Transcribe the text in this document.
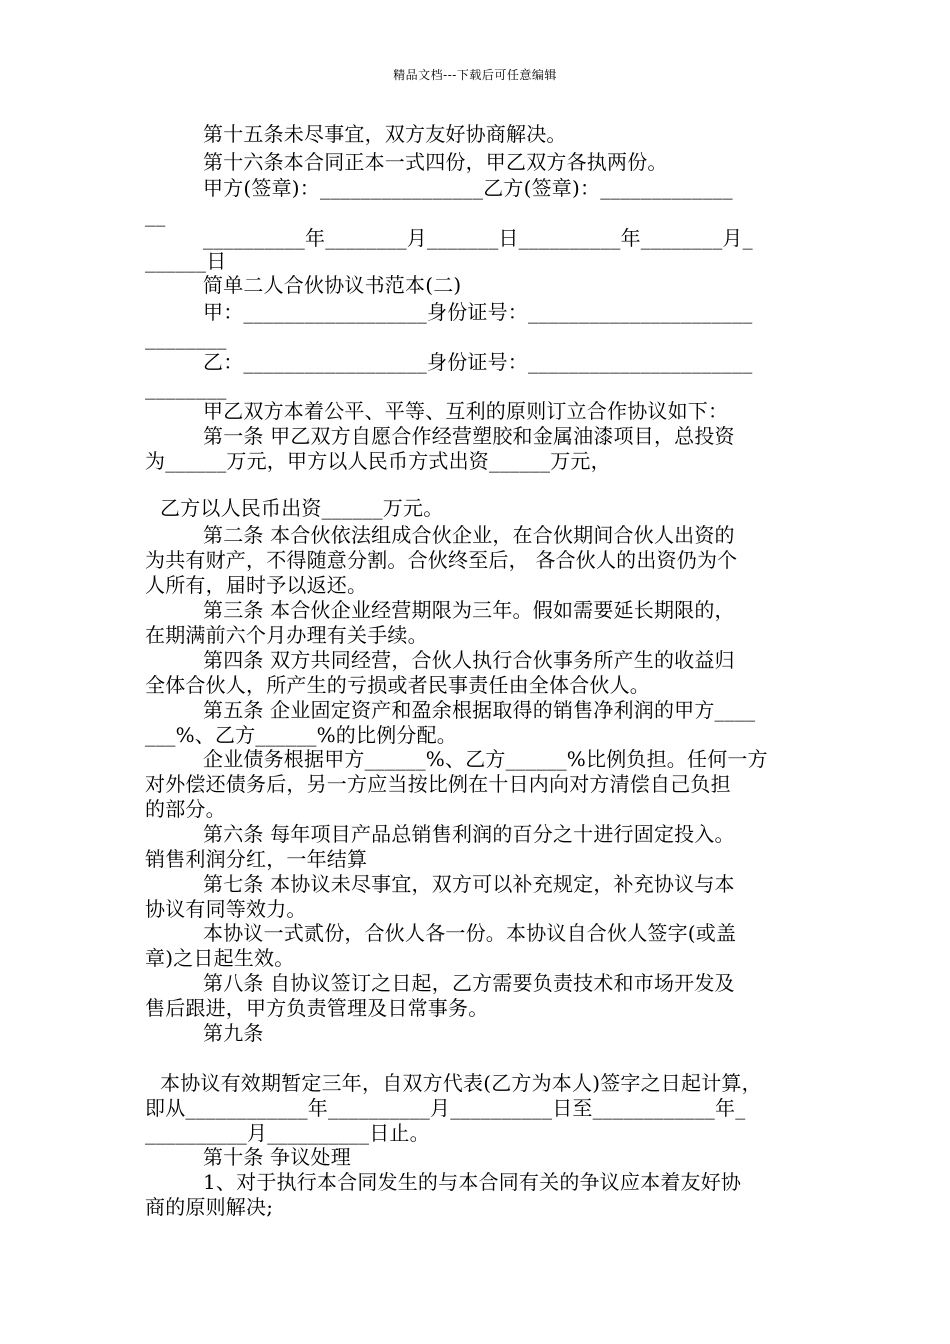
精品文档---下载后可任意编辑
第十五条未尽事宜，双方友好协商解决。
第十六条本合同正本一式四份，甲乙双方各执两份。
甲方(签章)：________________乙方(签章)：_____________
__
__________年________月_______日__________年________月_
______日
简单二人合伙协议书范本(二)
甲：__________________身份证号：______________________
________
乙：__________________身份证号：______________________
________
甲乙双方本着公平、平等、互利的原则订立合作协议如下：
第一条 甲乙双方自愿合作经营塑胶和金属油漆项目，总投资
为______万元，甲方以人民币方式出资______万元，
乙方以人民币出资______万元。
第二条 本合伙依法组成合伙企业，在合伙期间合伙人出资的
为共有财产，不得随意分割。合伙终至后， 各合伙人的出资仍为个
人所有，届时予以返还。
第三条 本合伙企业经营期限为三年。假如需要延长期限的，
在期满前六个月办理有关手续。
第四条 双方共同经营，合伙人执行合伙事务所产生的收益归
全体合伙人，所产生的亏损或者民事责任由全体合伙人。
第五条 企业固定资产和盈余根据取得的销售净利润的甲方____
___%、乙方______%的比例分配。
企业债务根据甲方______%、乙方______%比例负担。任何一方
对外偿还债务后，另一方应当按比例在十日内向对方清偿自己负担
的部分。
第六条 每年项目产品总销售利润的百分之十进行固定投入。
销售利润分红，一年结算
第七条 本协议未尽事宜，双方可以补充规定，补充协议与本
协议有同等效力。
本协议一式贰份，合伙人各一份。本协议自合伙人签字(或盖
章)之日起生效。
第八条 自协议签订之日起，乙方需要负责技术和市场开发及
售后跟进，甲方负责管理及日常事务。
第九条
本协议有效期暂定三年，自双方代表(乙方为本人)签字之日起计算，
即从____________年__________月__________日至____________年_
__________月__________日止。
第十条 争议处理
1、对于执行本合同发生的与本合同有关的争议应本着友好协
商的原则解决;
